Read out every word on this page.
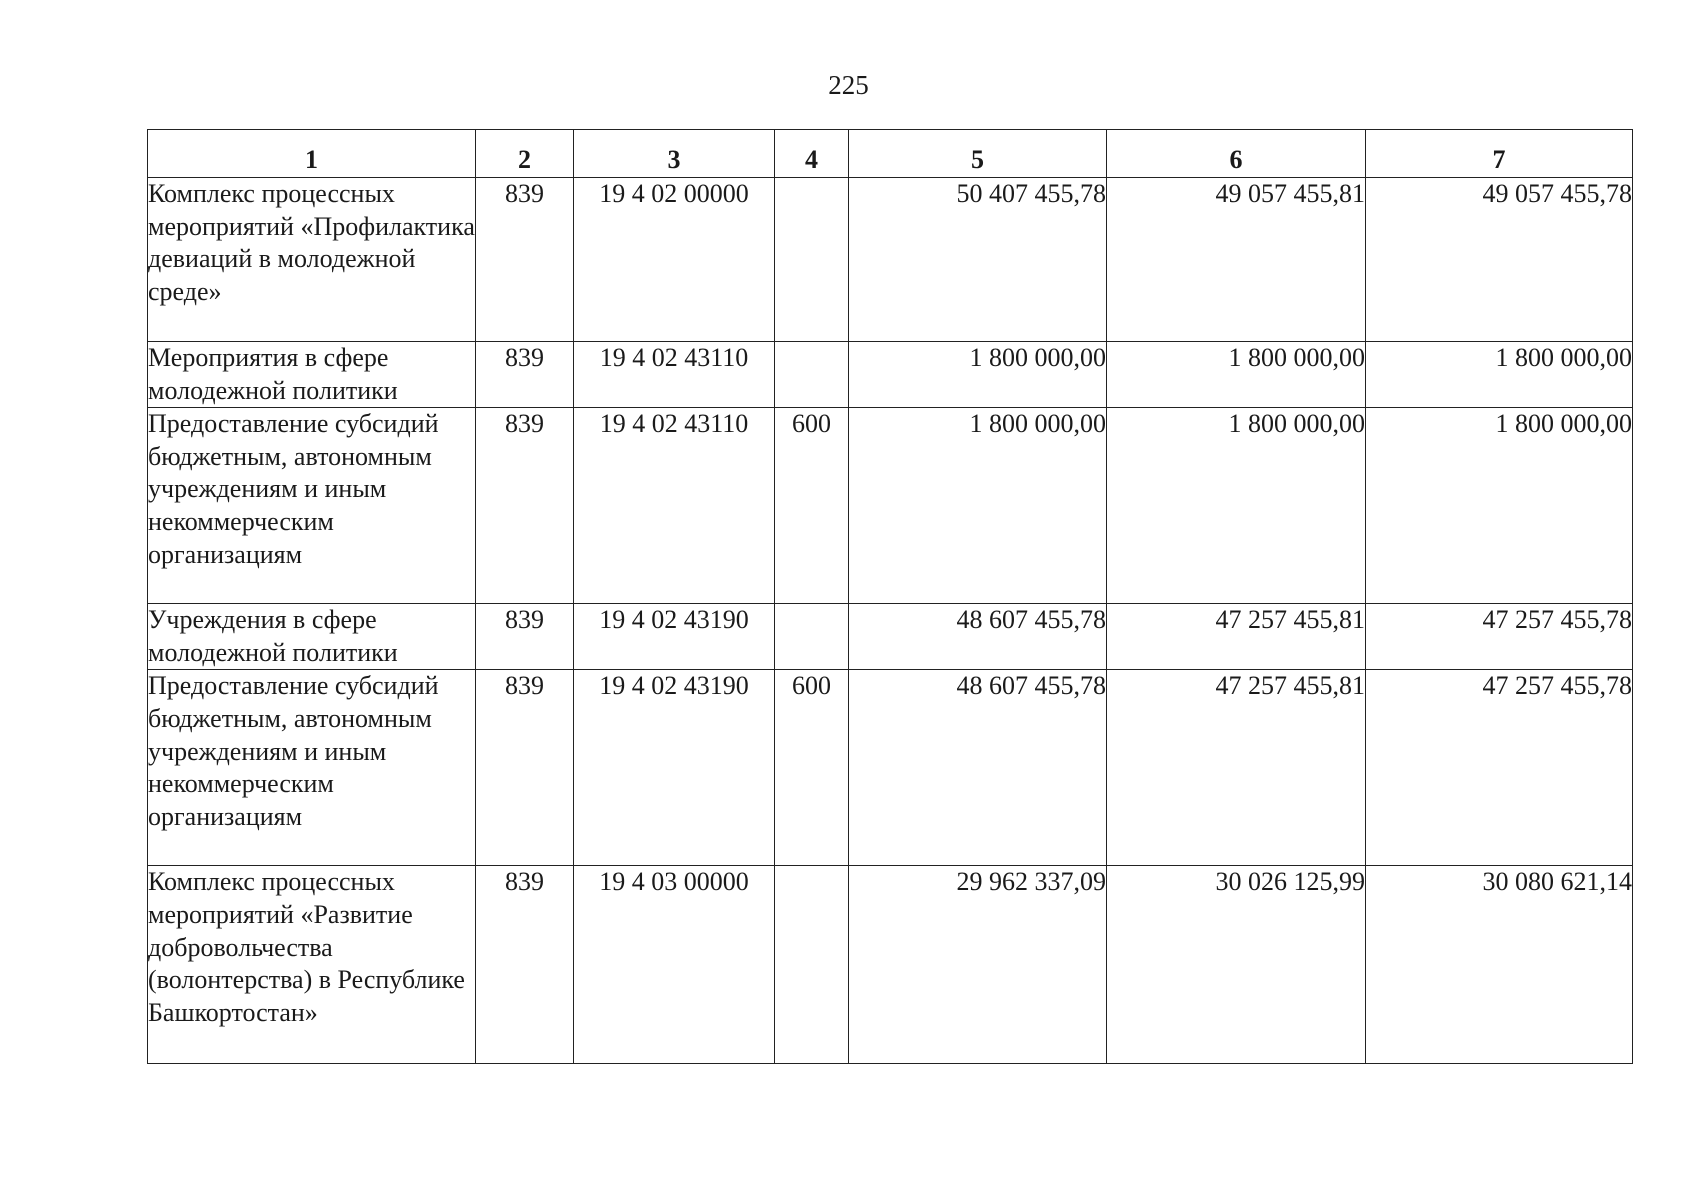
225
1	2	3	4	5	6	7
Комплекс процессных мероприятий «Профилактика девиаций в молодежной среде»	839	19 4 02 00000		50 407 455,78	49 057 455,81	49 057 455,78
Мероприятия в сфере молодежной политики	839	19 4 02 43110		1 800 000,00	1 800 000,00	1 800 000,00
Предоставление субсидий бюджетным, автономным учреждениям и иным некоммерческим организациям	839	19 4 02 43110	600	1 800 000,00	1 800 000,00	1 800 000,00
Учреждения в сфере молодежной политики	839	19 4 02 43190		48 607 455,78	47 257 455,81	47 257 455,78
Предоставление субсидий бюджетным, автономным учреждениям и иным некоммерческим организациям	839	19 4 02 43190	600	48 607 455,78	47 257 455,81	47 257 455,78
Комплекс процессных мероприятий «Развитие добровольчества (волонтерства) в Республике Башкортостан»	839	19 4 03 00000		29 962 337,09	30 026 125,99	30 080 621,14
